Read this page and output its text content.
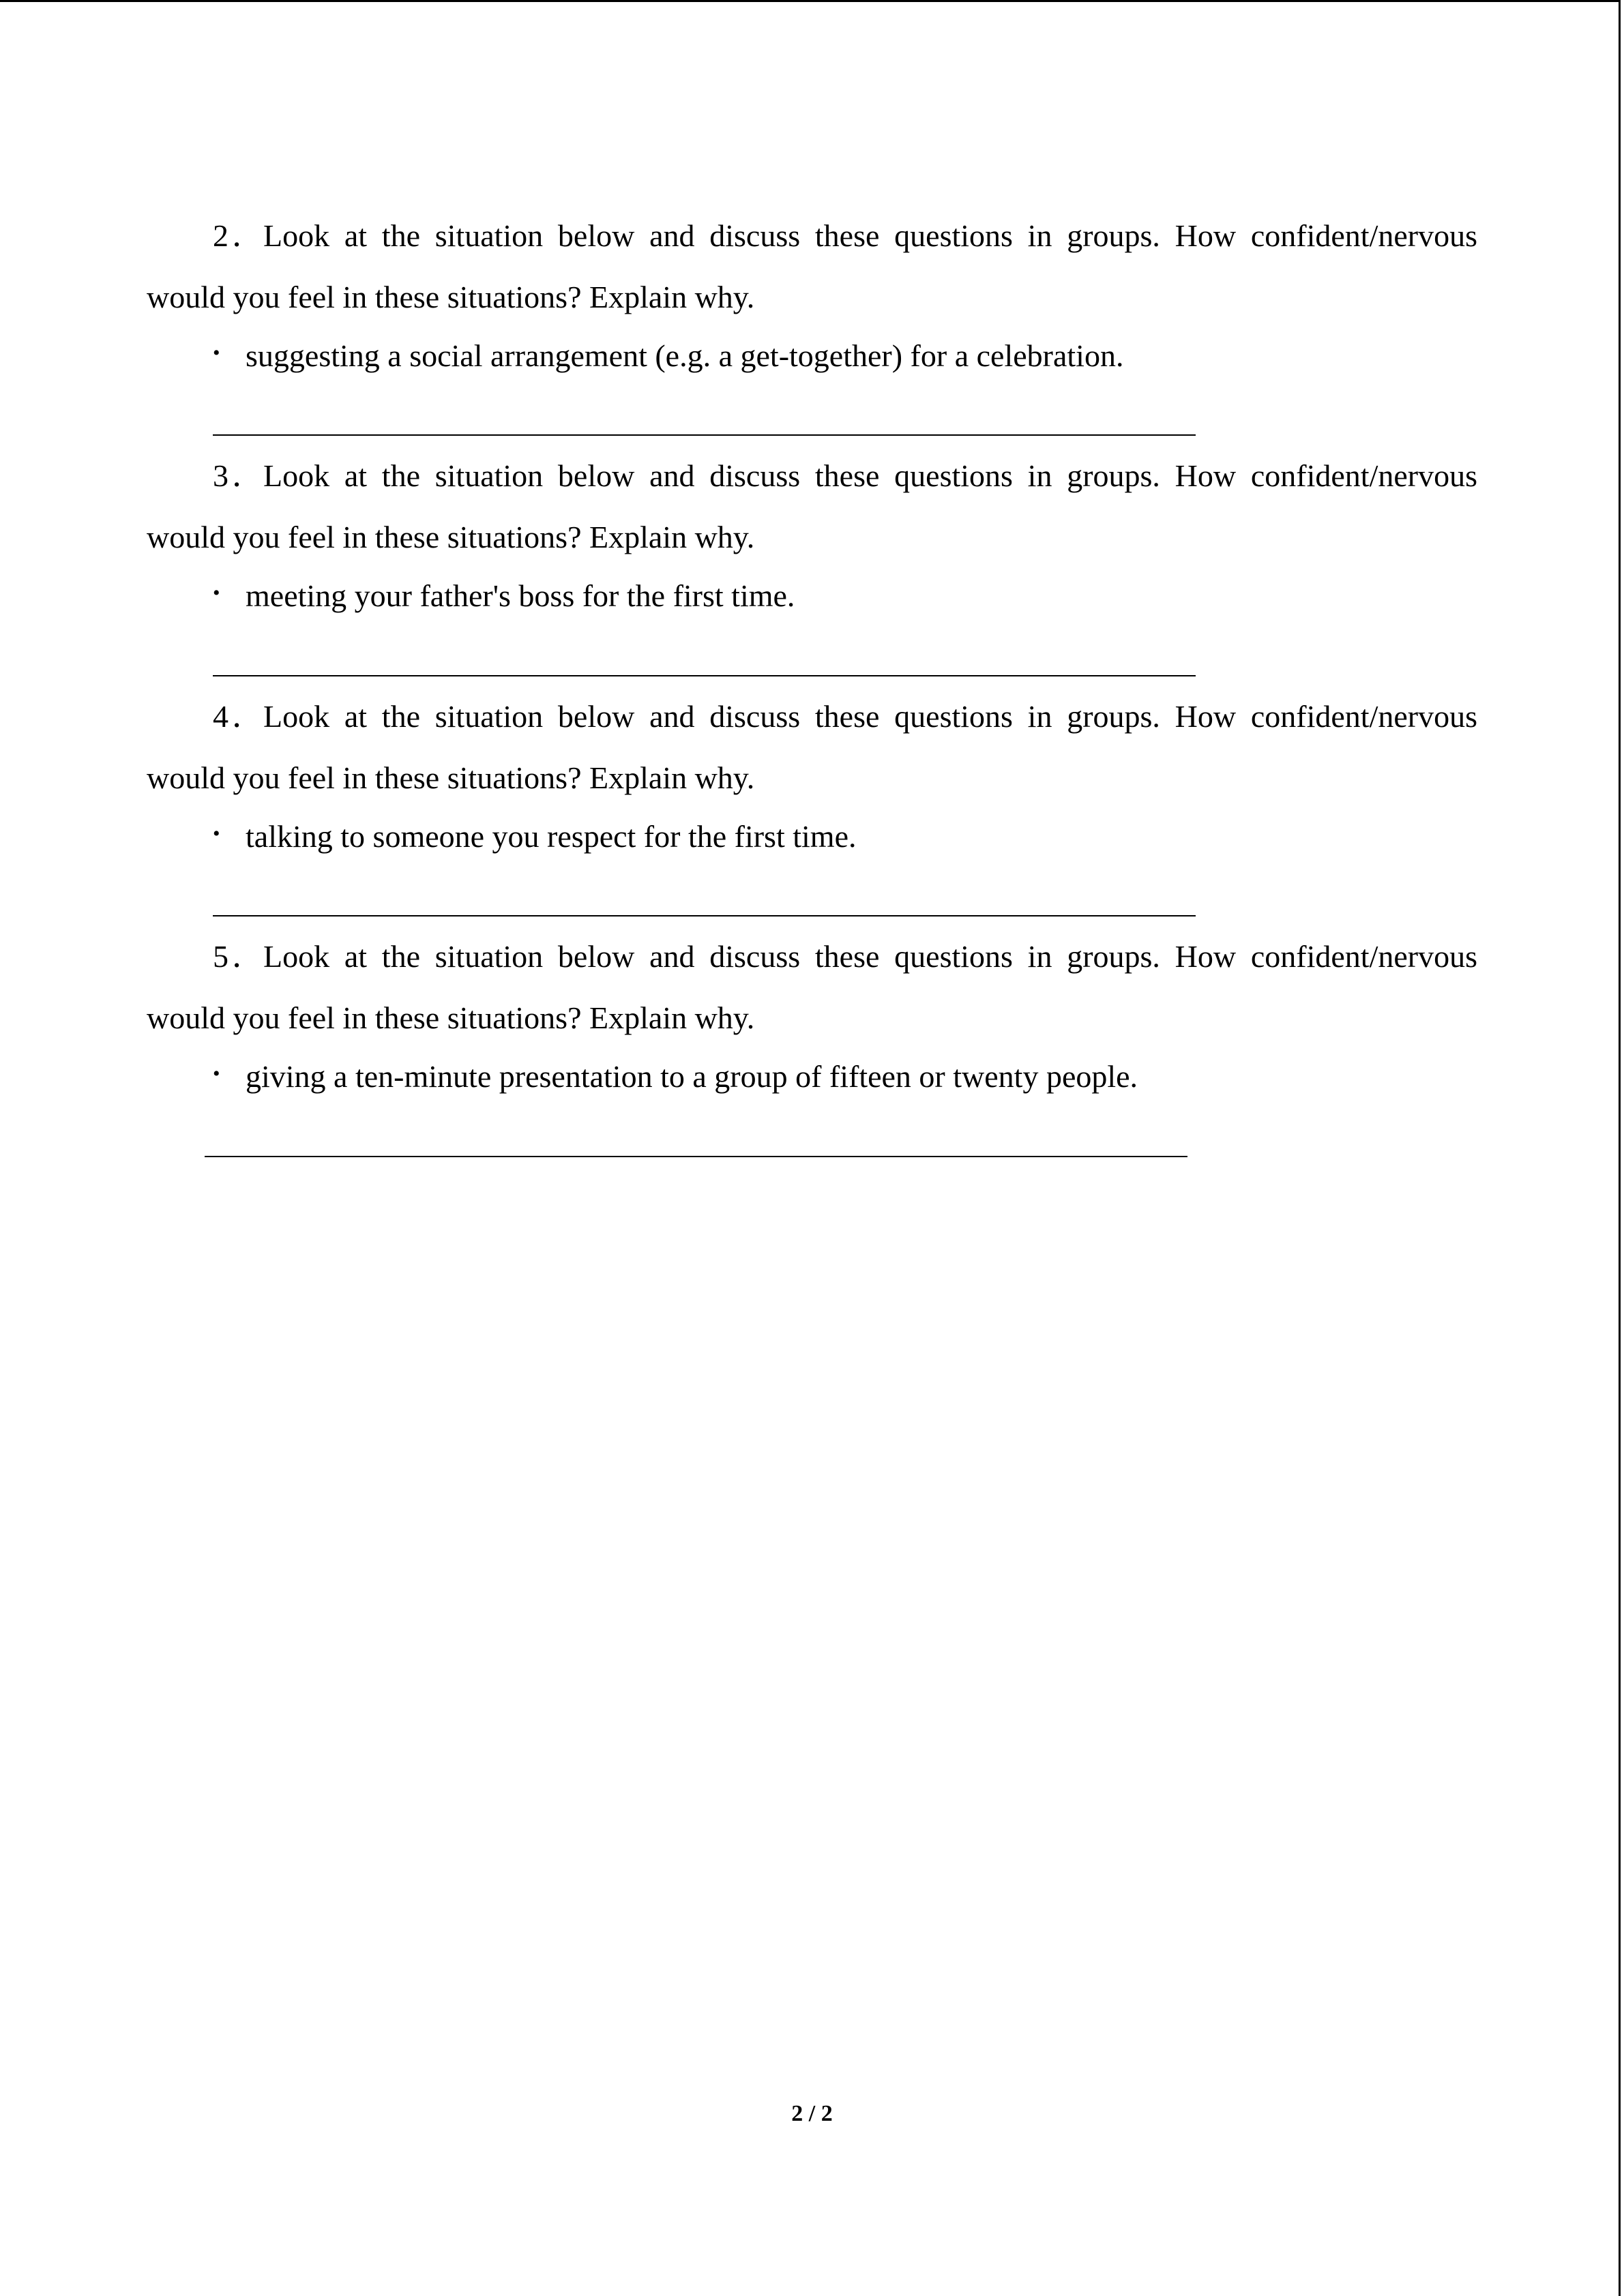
2．Look at the situation below and discuss these questions in groups. How confident/nervous
would you feel in these situations? Explain why.
• suggesting a social arrangement (e.g. a get-together) for a celebration.
3．Look at the situation below and discuss these questions in groups. How confident/nervous
would you feel in these situations? Explain why.
• meeting your father's boss for the first time.
4．Look at the situation below and discuss these questions in groups. How confident/nervous
would you feel in these situations? Explain why.
• talking to someone you respect for the first time.
5．Look at the situation below and discuss these questions in groups. How confident/nervous
would you feel in these situations? Explain why.
• giving a ten-minute presentation to a group of fifteen or twenty people.
2 / 2
